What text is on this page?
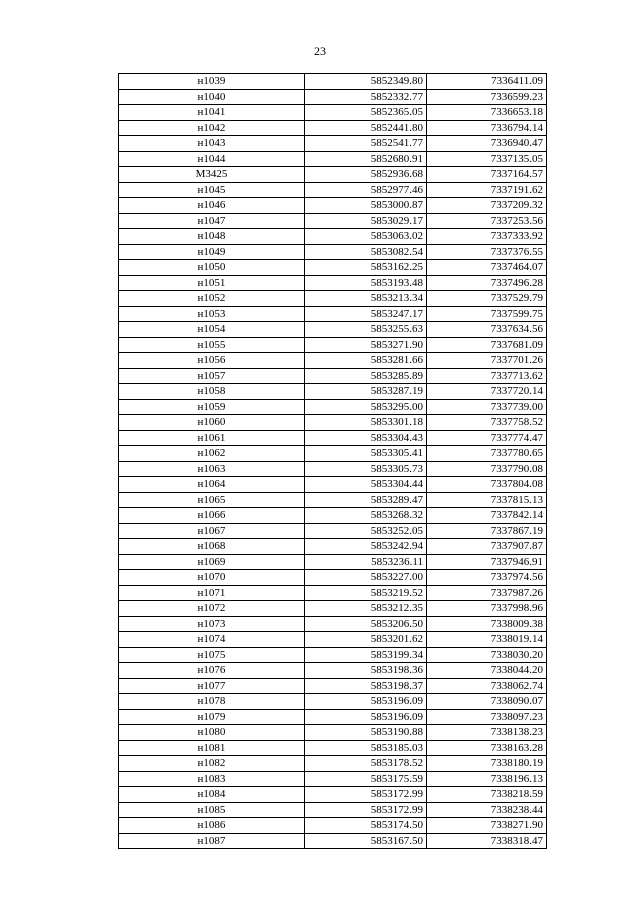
23
н1039	5852349.80	7336411.09
н1040	5852332.77	7336599.23
н1041	5852365.05	7336653.18
н1042	5852441.80	7336794.14
н1043	5852541.77	7336940.47
н1044	5852680.91	7337135.05
М3425	5852936.68	7337164.57
н1045	5852977.46	7337191.62
н1046	5853000.87	7337209.32
н1047	5853029.17	7337253.56
н1048	5853063.02	7337333.92
н1049	5853082.54	7337376.55
н1050	5853162.25	7337464.07
н1051	5853193.48	7337496.28
н1052	5853213.34	7337529.79
н1053	5853247.17	7337599.75
н1054	5853255.63	7337634.56
н1055	5853271.90	7337681.09
н1056	5853281.66	7337701.26
н1057	5853285.89	7337713.62
н1058	5853287.19	7337720.14
н1059	5853295.00	7337739.00
н1060	5853301.18	7337758.52
н1061	5853304.43	7337774.47
н1062	5853305.41	7337780.65
н1063	5853305.73	7337790.08
н1064	5853304.44	7337804.08
н1065	5853289.47	7337815.13
н1066	5853268.32	7337842.14
н1067	5853252.05	7337867.19
н1068	5853242.94	7337907.87
н1069	5853236.11	7337946.91
н1070	5853227.00	7337974.56
н1071	5853219.52	7337987.26
н1072	5853212.35	7337998.96
н1073	5853206.50	7338009.38
н1074	5853201.62	7338019.14
н1075	5853199.34	7338030.20
н1076	5853198.36	7338044.20
н1077	5853198.37	7338062.74
н1078	5853196.09	7338090.07
н1079	5853196.09	7338097.23
н1080	5853190.88	7338138.23
н1081	5853185.03	7338163.28
н1082	5853178.52	7338180.19
н1083	5853175.59	7338196.13
н1084	5853172.99	7338218.59
н1085	5853172.99	7338238.44
н1086	5853174.50	7338271.90
н1087	5853167.50	7338318.47
